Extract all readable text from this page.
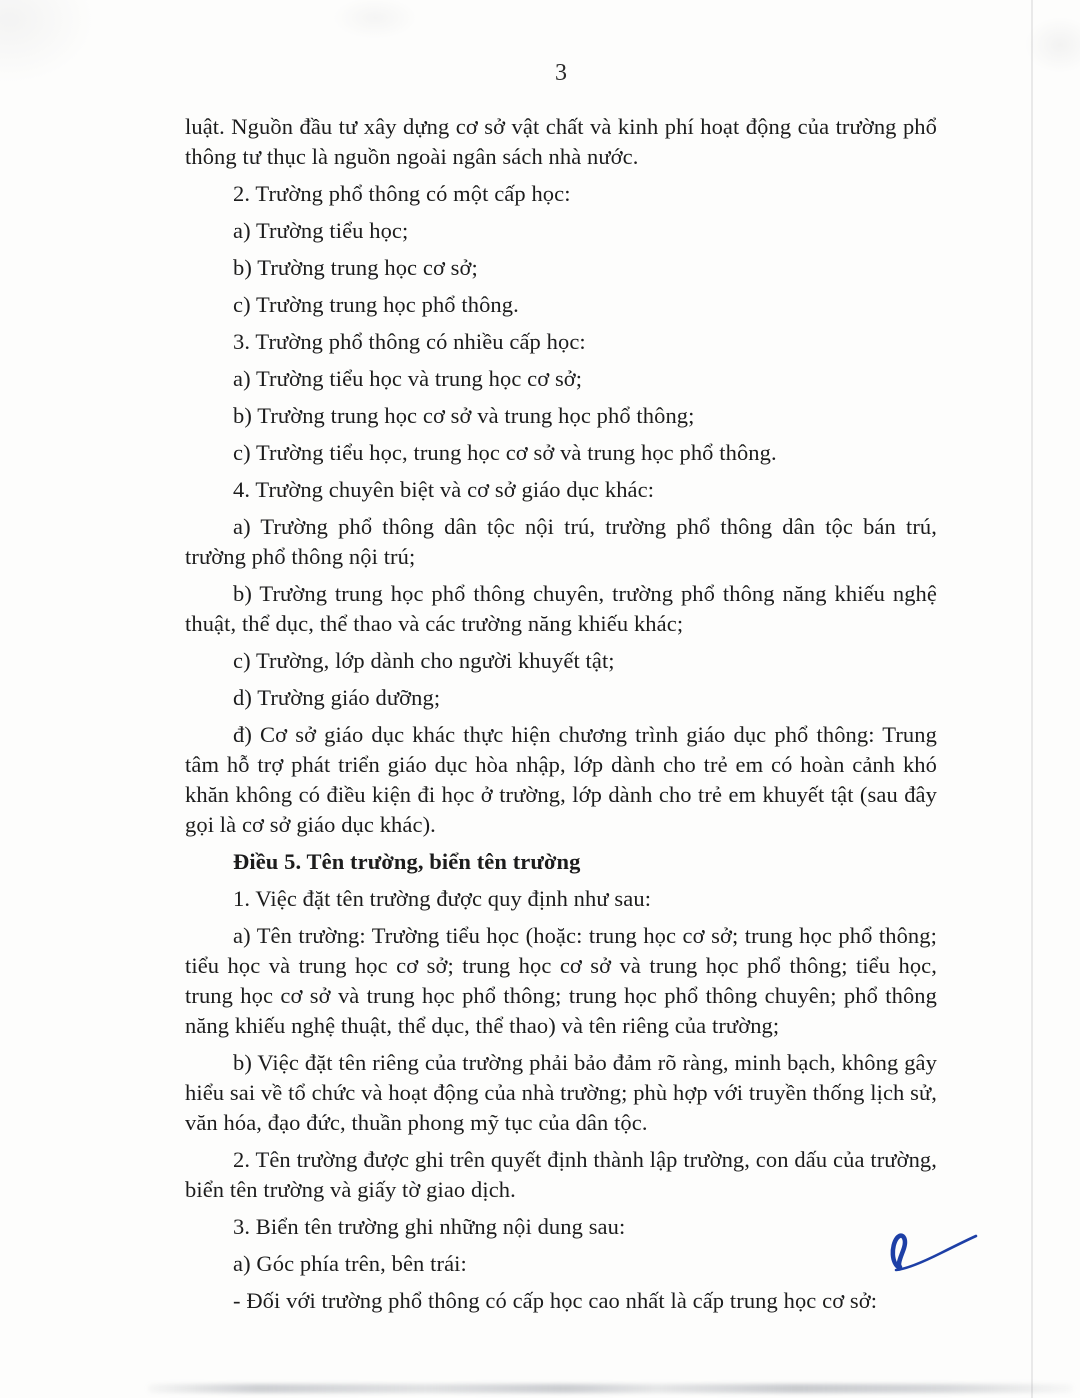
3

luật. Nguồn đầu tư xây dựng cơ sở vật chất và kinh phí hoạt động của trường phổ thông tư thục là nguồn ngoài ngân sách nhà nước.

2. Trường phổ thông có một cấp học:

a) Trường tiểu học;

b) Trường trung học cơ sở;

c) Trường trung học phổ thông.

3. Trường phổ thông có nhiều cấp học:

a) Trường tiểu học và trung học cơ sở;

b) Trường trung học cơ sở và trung học phổ thông;

c) Trường tiểu học, trung học cơ sở và trung học phổ thông.

4. Trường chuyên biệt và cơ sở giáo dục khác:

a) Trường phổ thông dân tộc nội trú, trường phổ thông dân tộc bán trú, trường phổ thông nội trú;

b) Trường trung học phổ thông chuyên, trường phổ thông năng khiếu nghệ thuật, thể dục, thể thao và các trường năng khiếu khác;

c) Trường, lớp dành cho người khuyết tật;

d) Trường giáo dưỡng;

đ) Cơ sở giáo dục khác thực hiện chương trình giáo dục phổ thông: Trung tâm hỗ trợ phát triển giáo dục hòa nhập, lớp dành cho trẻ em có hoàn cảnh khó khăn không có điều kiện đi học ở trường, lớp dành cho trẻ em khuyết tật (sau đây gọi là cơ sở giáo dục khác).

Điều 5. Tên trường, biển tên trường

1. Việc đặt tên trường được quy định như sau:

a) Tên trường: Trường tiểu học (hoặc: trung học cơ sở; trung học phổ thông; tiểu học và trung học cơ sở; trung học cơ sở và trung học phổ thông; tiểu học, trung học cơ sở và trung học phổ thông; trung học phổ thông chuyên; phổ thông năng khiếu nghệ thuật, thể dục, thể thao) và tên riêng của trường;

b) Việc đặt tên riêng của trường phải bảo đảm rõ ràng, minh bạch, không gây hiểu sai về tổ chức và hoạt động của nhà trường; phù hợp với truyền thống lịch sử, văn hóa, đạo đức, thuần phong mỹ tục của dân tộc.

2. Tên trường được ghi trên quyết định thành lập trường, con dấu của trường, biển tên trường và giấy tờ giao dịch.

3. Biển tên trường ghi những nội dung sau:

a) Góc phía trên, bên trái:

- Đối với trường phổ thông có cấp học cao nhất là cấp trung học cơ sở:
